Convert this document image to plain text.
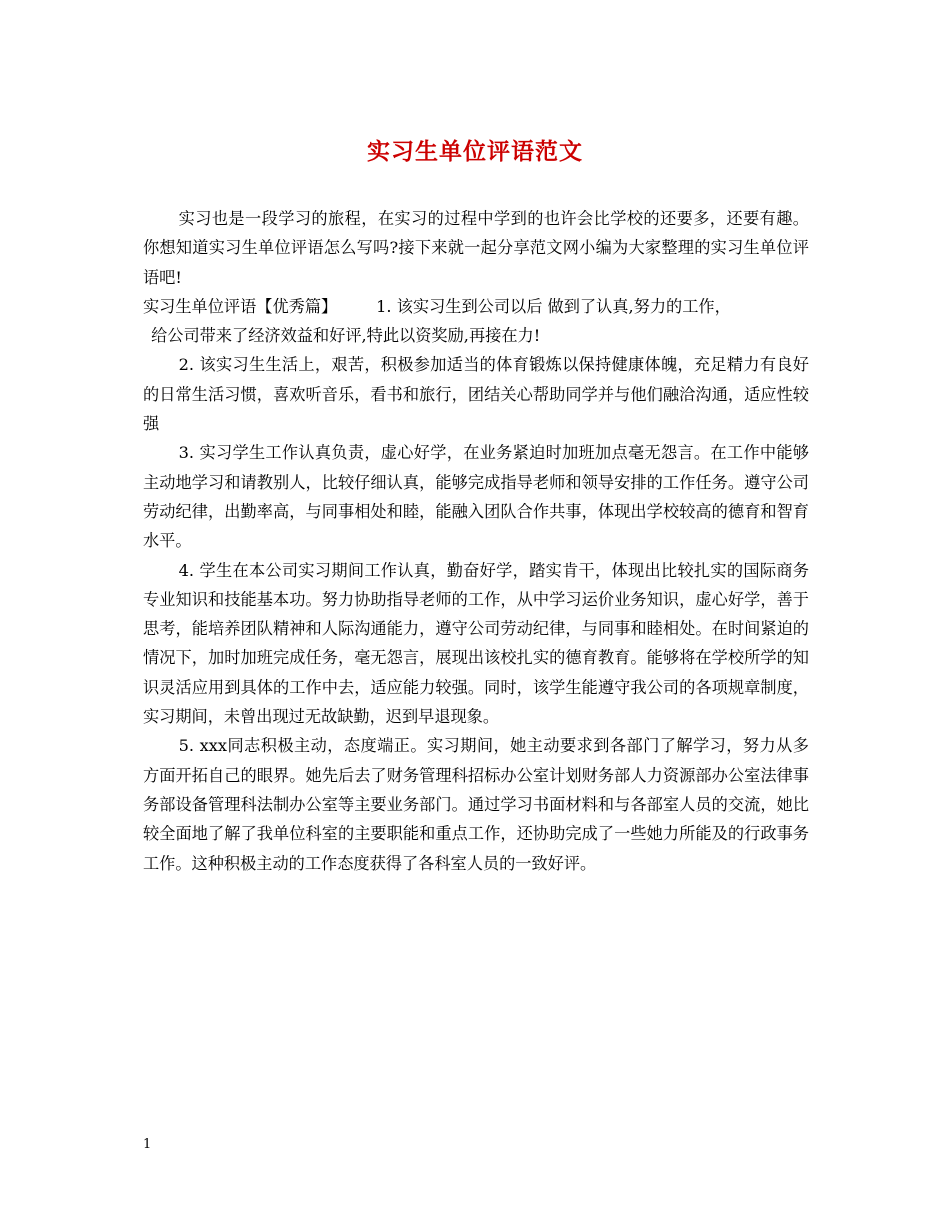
实习生单位评语范文

实习也是一段学习的旅程，在实习的过程中学到的也许会比学校的还要多，还要有趣。你想知道实习生单位评语怎么写吗?接下来就一起分享范文网小编为大家整理的实习生单位评语吧!

实习生单位评语【优秀篇】 1. 该实习生到公司以后 做到了认真,努力的工作，

给公司带来了经济效益和好评,特此以资奖励,再接在力!

2. 该实习生生活上，艰苦，积极参加适当的体育锻炼以保持健康体魄，充足精力有良好的日常生活习惯，喜欢听音乐，看书和旅行，团结关心帮助同学并与他们融洽沟通，适应性较强

3. 实习学生工作认真负责，虚心好学，在业务紧迫时加班加点毫无怨言。在工作中能够主动地学习和请教别人，比较仔细认真，能够完成指导老师和领导安排的工作任务。遵守公司劳动纪律，出勤率高，与同事相处和睦，能融入团队合作共事，体现出学校较高的德育和智育水平。

4. 学生在本公司实习期间工作认真，勤奋好学，踏实肯干，体现出比较扎实的国际商务专业知识和技能基本功。努力协助指导老师的工作，从中学习运价业务知识，虚心好学，善于思考，能培养团队精神和人际沟通能力，遵守公司劳动纪律，与同事和睦相处。在时间紧迫的情况下，加时加班完成任务，毫无怨言，展现出该校扎实的德育教育。能够将在学校所学的知识灵活应用到具体的工作中去，适应能力较强。同时，该学生能遵守我公司的各项规章制度，实习期间，未曾出现过无故缺勤，迟到早退现象。

5. xxx同志积极主动，态度端正。实习期间，她主动要求到各部门了解学习，努力从多方面开拓自己的眼界。她先后去了财务管理科招标办公室计划财务部人力资源部办公室法律事务部设备管理科法制办公室等主要业务部门。通过学习书面材料和与各部室人员的交流，她比较全面地了解了我单位科室的主要职能和重点工作，还协助完成了一些她力所能及的行政事务工作。这种积极主动的工作态度获得了各科室人员的一致好评。

1
